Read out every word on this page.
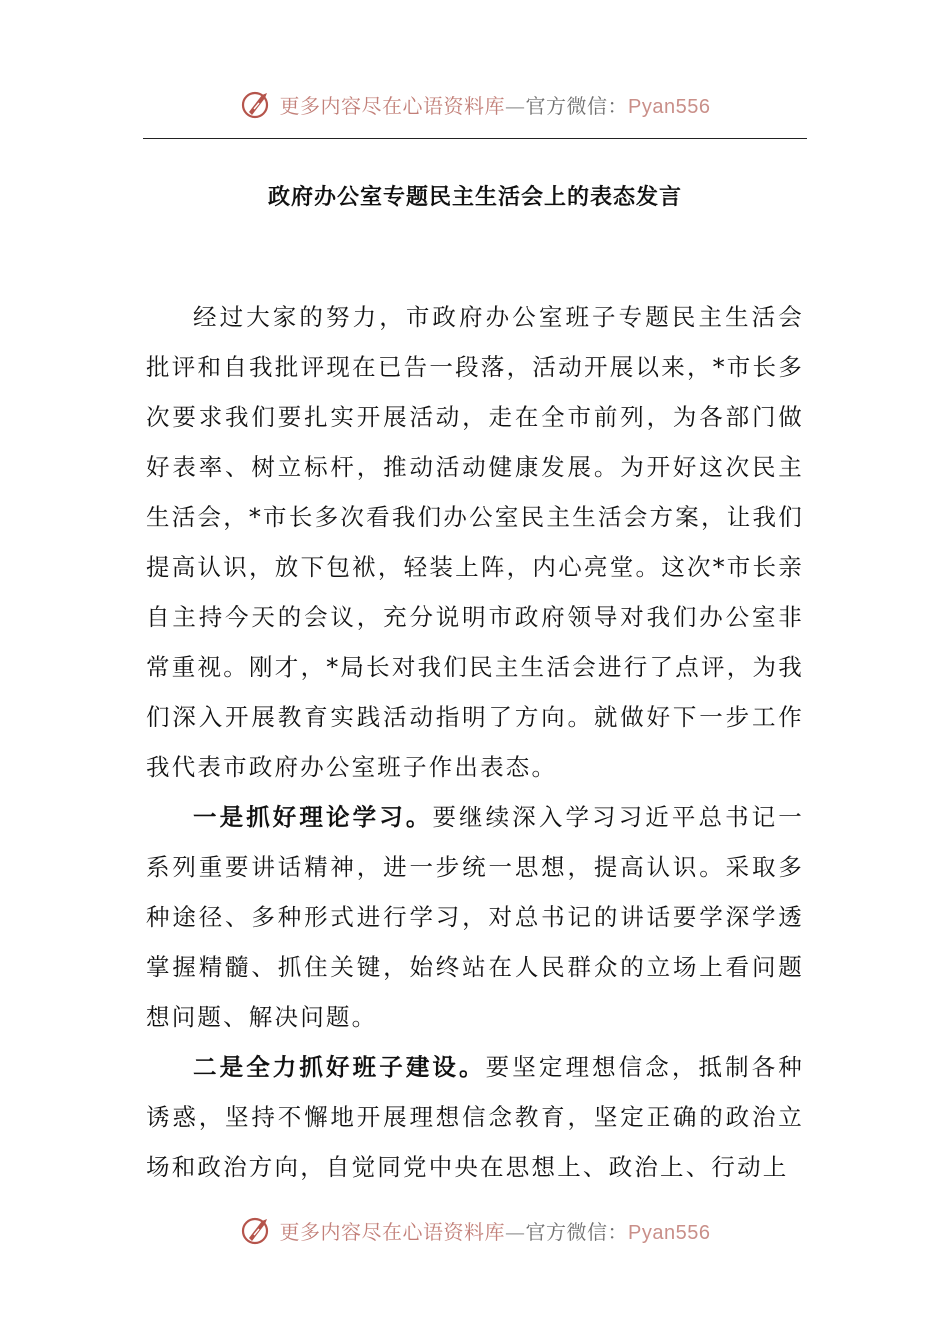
更多内容尽在心语资料库—官方微信：Pyan556
政府办公室专题民主生活会上的表态发言

经过大家的努力，市政府办公室班子专题民主生活会批评和自我批评现在已告一段落，活动开展以来，*市长多次要求我们要扎实开展活动，走在全市前列，为各部门做好表率、树立标杆，推动活动健康发展。为开好这次民主生活会，*市长多次看我们办公室民主生活会方案，让我们提高认识，放下包袱，轻装上阵，内心亮堂。这次*市长亲自主持今天的会议，充分说明市政府领导对我们办公室非常重视。刚才，*局长对我们民主生活会进行了点评，为我们深入开展教育实践活动指明了方向。就做好下一步工作我代表市政府办公室班子作出表态。

一是抓好理论学习。要继续深入学习习近平总书记一系列重要讲话精神，进一步统一思想，提高认识。采取多种途径、多种形式进行学习，对总书记的讲话要学深学透掌握精髓、抓住关键，始终站在人民群众的立场上看问题想问题、解决问题。

二是全力抓好班子建设。要坚定理想信念，抵制各种诱惑，坚持不懈地开展理想信念教育，坚定正确的政治立场和政治方向，自觉同党中央在思想上、政治上、行动上

更多内容尽在心语资料库—官方微信：Pyan556
